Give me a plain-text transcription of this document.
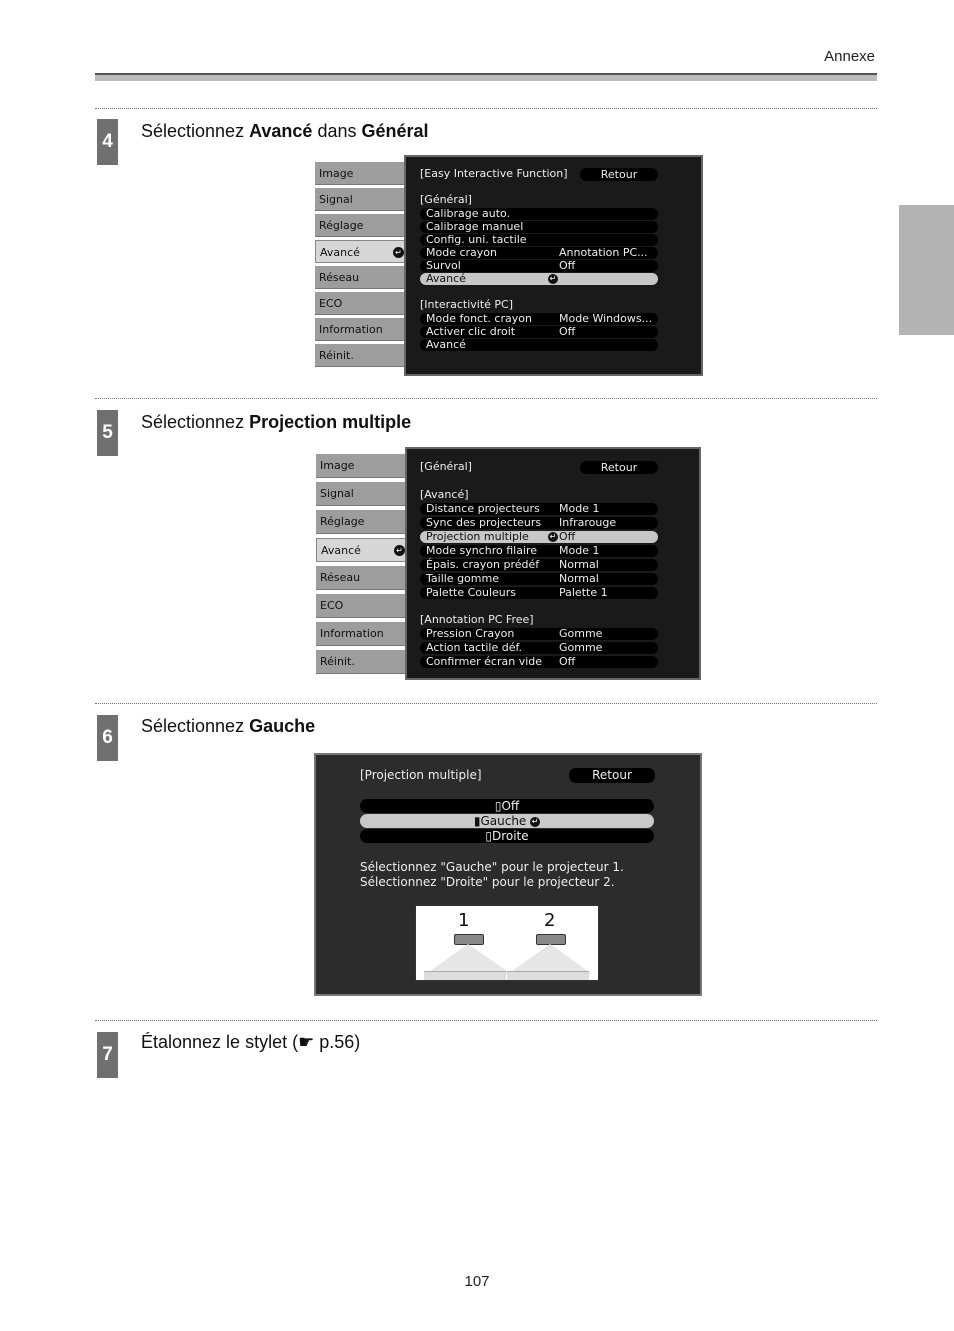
Annexe
4 Sélectionnez Avancé dans Général
Image
Signal
Réglage
Avancé	↵
Réseau
ECO
Information
Réinit.
[Easy Interactive Function]	Retour
[Général]
Calibrage auto.
Calibrage manuel
Config. uni. tactile
Mode crayon	Annotation PC...
Survol	Off
Avancé	↵
[Interactivité PC]
Mode fonct. crayon Mode Windows...
Activer clic droit	Off
Avancé
5 Sélectionnez Projection multiple
Image
Signal
Réglage
Avancé	↵
Réseau
ECO
Information
Réinit.
[Général]	Retour
[Avancé]
Distance projecteurs Mode 1
Sync des projecteurs Infrarouge
Projection multiple	↵ Off
Mode synchro filaire Mode 1
Épais. crayon prédéf Normal
Taille gomme	Normal
Palette Couleurs	Palette 1
[Annotation PC Free]
Pression Crayon	Gomme
Action tactile déf.	Gomme
Confirmer écran vide Off
6
Sélectionnez Gauche
[Projection multiple]	Retour
▯Off
▮Gauche ↵
▯Droite
Sélectionnez "Gauche" pour le projecteur 1.
Sélectionnez "Droite" pour le projecteur 2.
1	2
7
Étalonnez le stylet (☛ p.56)
107
